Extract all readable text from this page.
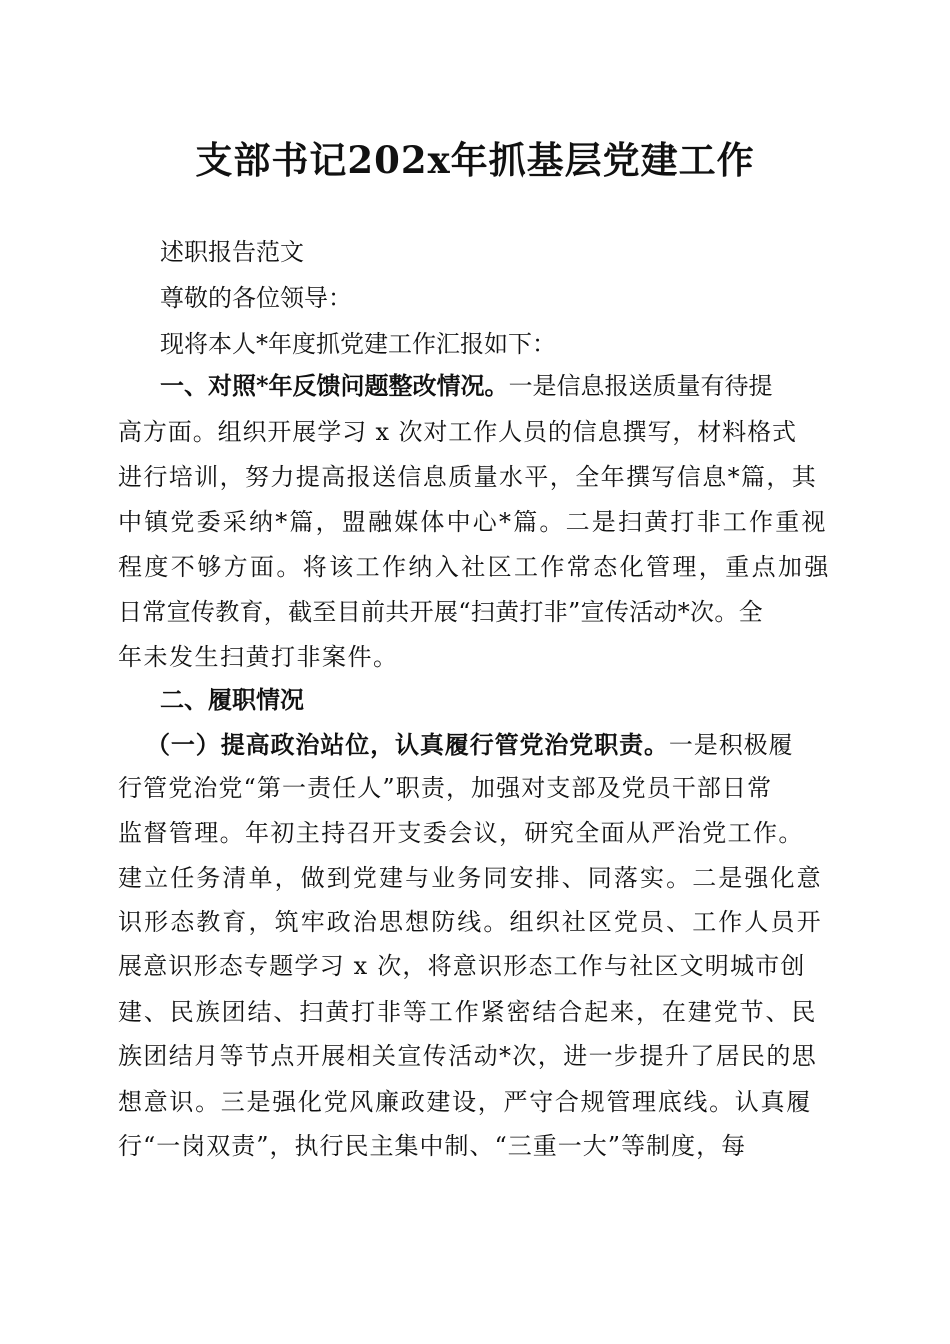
支部书记202x年抓基层党建工作
述职报告范文
尊敬的各位领导：
现将本人*年度抓党建工作汇报如下：
一、对照*年反馈问题整改情况。一是信息报送质量有待提
高方面。组织开展学习 x 次对工作人员的信息撰写，材料格式
进行培训，努力提高报送信息质量水平，全年撰写信息*篇，其
中镇党委采纳*篇，盟融媒体中心*篇。二是扫黄打非工作重视
程度不够方面。将该工作纳入社区工作常态化管理，重点加强
日常宣传教育，截至目前共开展“扫黄打非”宣传活动*次。全
年未发生扫黄打非案件。
二、履职情况
（一）提高政治站位，认真履行管党治党职责。一是积极履
行管党治党“第一责任人”职责，加强对支部及党员干部日常
监督管理。年初主持召开支委会议，研究全面从严治党工作。
建立任务清单，做到党建与业务同安排、同落实。二是强化意
识形态教育，筑牢政治思想防线。组织社区党员、工作人员开
展意识形态专题学习 x 次，将意识形态工作与社区文明城市创
建、民族团结、扫黄打非等工作紧密结合起来，在建党节、民
族团结月等节点开展相关宣传活动*次，进一步提升了居民的思
想意识。三是强化党风廉政建设，严守合规管理底线。认真履
行“一岗双责”，执行民主集中制、“三重一大”等制度，每
